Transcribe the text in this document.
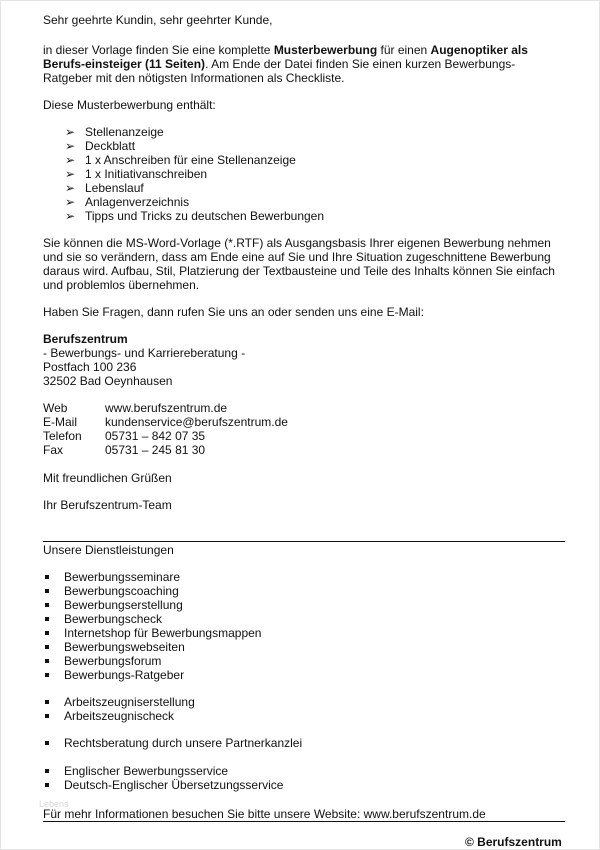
Sehr geehrte Kundin, sehr geehrter Kunde,

in dieser Vorlage finden Sie eine komplette Musterbewerbung für einen Augenoptiker als
Berufs-einsteiger (11 Seiten). Am Ende der Datei finden Sie einen kurzen Bewerbungs-
Ratgeber mit den nötigsten Informationen als Checkliste.

Diese Musterbewerbung enthält:
➢ Stellenanzeige
➢ Deckblatt
➢ 1 x Anschreiben für eine Stellenanzeige
➢ 1 x Initiativanschreiben
➢ Lebenslauf
➢ Anlagenverzeichnis
➢ Tipps und Tricks zu deutschen Bewerbungen

Sie können die MS-Word-Vorlage (*.RTF) als Ausgangsbasis Ihrer eigenen Bewerbung nehmen
und sie so verändern, dass am Ende eine auf Sie und Ihre Situation zugeschnittene Bewerbung
daraus wird. Aufbau, Stil, Platzierung der Textbausteine und Teile des Inhalts können Sie einfach
und problemlos übernehmen.

Haben Sie Fragen, dann rufen Sie uns an oder senden uns eine E-Mail:

Berufszentrum
- Bewerbungs- und Karriereberatung -
Postfach 100 236
32502 Bad Oeynhausen

Web	www.berufszentrum.de
E-Mail kundenservice@berufszentrum.de
Telefon 05731 – 842 07 35
Fax	05731 – 245 81 30
Mit freundlichen Grüßen
Ihr Berufszentrum-Team
Unsere Dienstleistungen
Bewerbungsseminare
Bewerbungscoaching
Bewerbungserstellung
Bewerbungscheck
Internetshop für Bewerbungsmappen
Bewerbungswebseiten
Bewerbungsforum
Bewerbungs-Ratgeber
Arbeitszeugniserstellung
Arbeitszeugnischeck
Rechtsberatung durch unsere Partnerkanzlei
Englischer Bewerbungsservice
Deutsch-Englischer Übersetzungsservice
Lebens
Für mehr Informationen besuchen Sie bitte unsere Website: www.berufszentrum.de
© Berufszentrum
